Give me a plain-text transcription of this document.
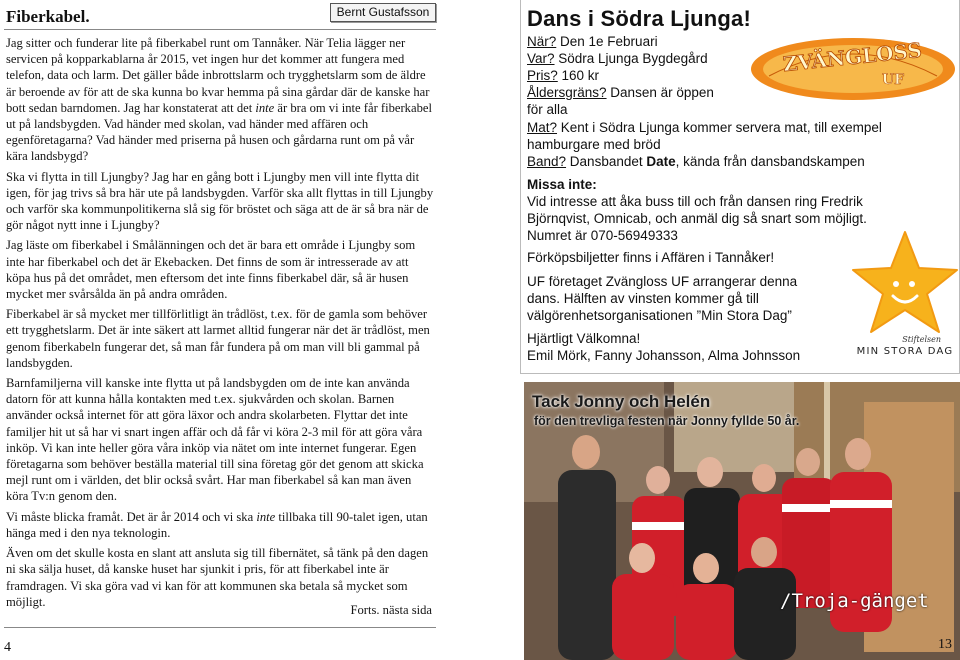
Fiberkabel.	Bernt Gustafsson

Jag sitter och funderar lite på fiberkabel runt om Tannåker. När Telia lägger ner servicen på kopparkablarna år 2015, vet ingen hur det kommer att fungera med telefon, data och larm. Det gäller både inbrottslarm och trygghetslarm som de äldre är beroende av för att de ska kunna bo kvar hemma på sina gårdar där de kanske har bott sedan barndomen. Jag har konstaterat att det inte är bra om vi inte får fiberkabel ut på landsbygden. Vad händer med skolan, vad händer med affären och egenföretagarna? Vad händer med priserna på husen och gårdarna runt om på vår kära landsbygd?

Ska vi flytta in till Ljungby? Jag har en gång bott i Ljungby men vill inte flytta dit igen, för jag trivs så bra här ute på landsbygden. Varför ska allt flyttas in till Ljungby och varför ska kommunpolitikerna slå sig för bröstet och säga att de är så bra när de gör något nytt inne i Ljungby?

Jag läste om fiberkabel i Smålänningen och det är bara ett område i Ljungby som inte har fiberkabel och det är Ekebacken. Det finns de som är intresserade av att köpa hus på det området, men eftersom det inte finns fiberkabel där, så är husen mycket mer svårsålda än på andra områden.

Fiberkabel är så mycket mer tillförlitligt än trådlöst, t.ex. för de gamla som behöver ett trygghetslarm. Det är inte säkert att larmet alltid fungerar när det är trådlöst, men genom fiberkabeln fungerar det, så man får fundera på om man vill bli gammal på landsbygden.

Barnfamiljerna vill kanske inte flytta ut på landsbygden om de inte kan använda datorn för att kunna hålla kontakten med t.ex. sjukvården och skolan. Barnen använder också internet för att göra läxor och andra skolarbeten. Flyttar det inte familjer hit ut så har vi snart ingen affär och då får vi köra 2-3 mil för att göra våra inköp. Vi kan inte heller göra våra inköp via nätet om inte internet fungerar. Egen företagarna som behöver beställa material till sina företag gör det genom att skicka mejl runt om i världen, det blir också svårt. Har man fiberkabel så kan man även köra Tv:n genom den.

Vi måste blicka framåt. Det är år 2014 och vi ska inte tillbaka till 90-talet igen, utan hänga med i den nya teknologin.

Även om det skulle kosta en slant att ansluta sig till fibernätet, så tänk på den dagen ni ska sälja huset, då kanske huset har sjunkit i pris, för att fiberkabel inte är framdragen. Vi ska göra vad vi kan för att kommunen ska betala så mycket som möjligt.

Forts. nästa sida
4
Dans i Södra Ljunga!
När? Den 1e Februari
Var? Södra Ljunga Bygdegård
Pris? 160 kr
Åldersgräns? Dansen är öppen
för alla
Mat? Kent i Södra Ljunga kommer servera mat, till exempel
hamburgare med bröd
Band? Dansbandet Date, kända från dansbandskampen
Missa inte:
Vid intresse att åka buss till och från dansen ring Fredrik
Björnqvist, Omnicab, och anmäl dig så snart som möjligt.
Numret är 070-56949333
Förköpsbiljetter finns i Affären i Tannåker!
UF företaget Zvängloss UF arrangerar denna
dans. Hälften av vinsten kommer gå till
välgörenhetsorganisationen ”Min Stora Dag”
Hjärtligt Välkomna!
Emil Mörk, Fanny Johansson, Alma Johnsson
ZVÄNGLOSS
UF
Stiftelsen
MIN STORA DAG
Tack Jonny och Helén
för den trevliga festen när Jonny fyllde 50 år.
/Troja-gänget
13
